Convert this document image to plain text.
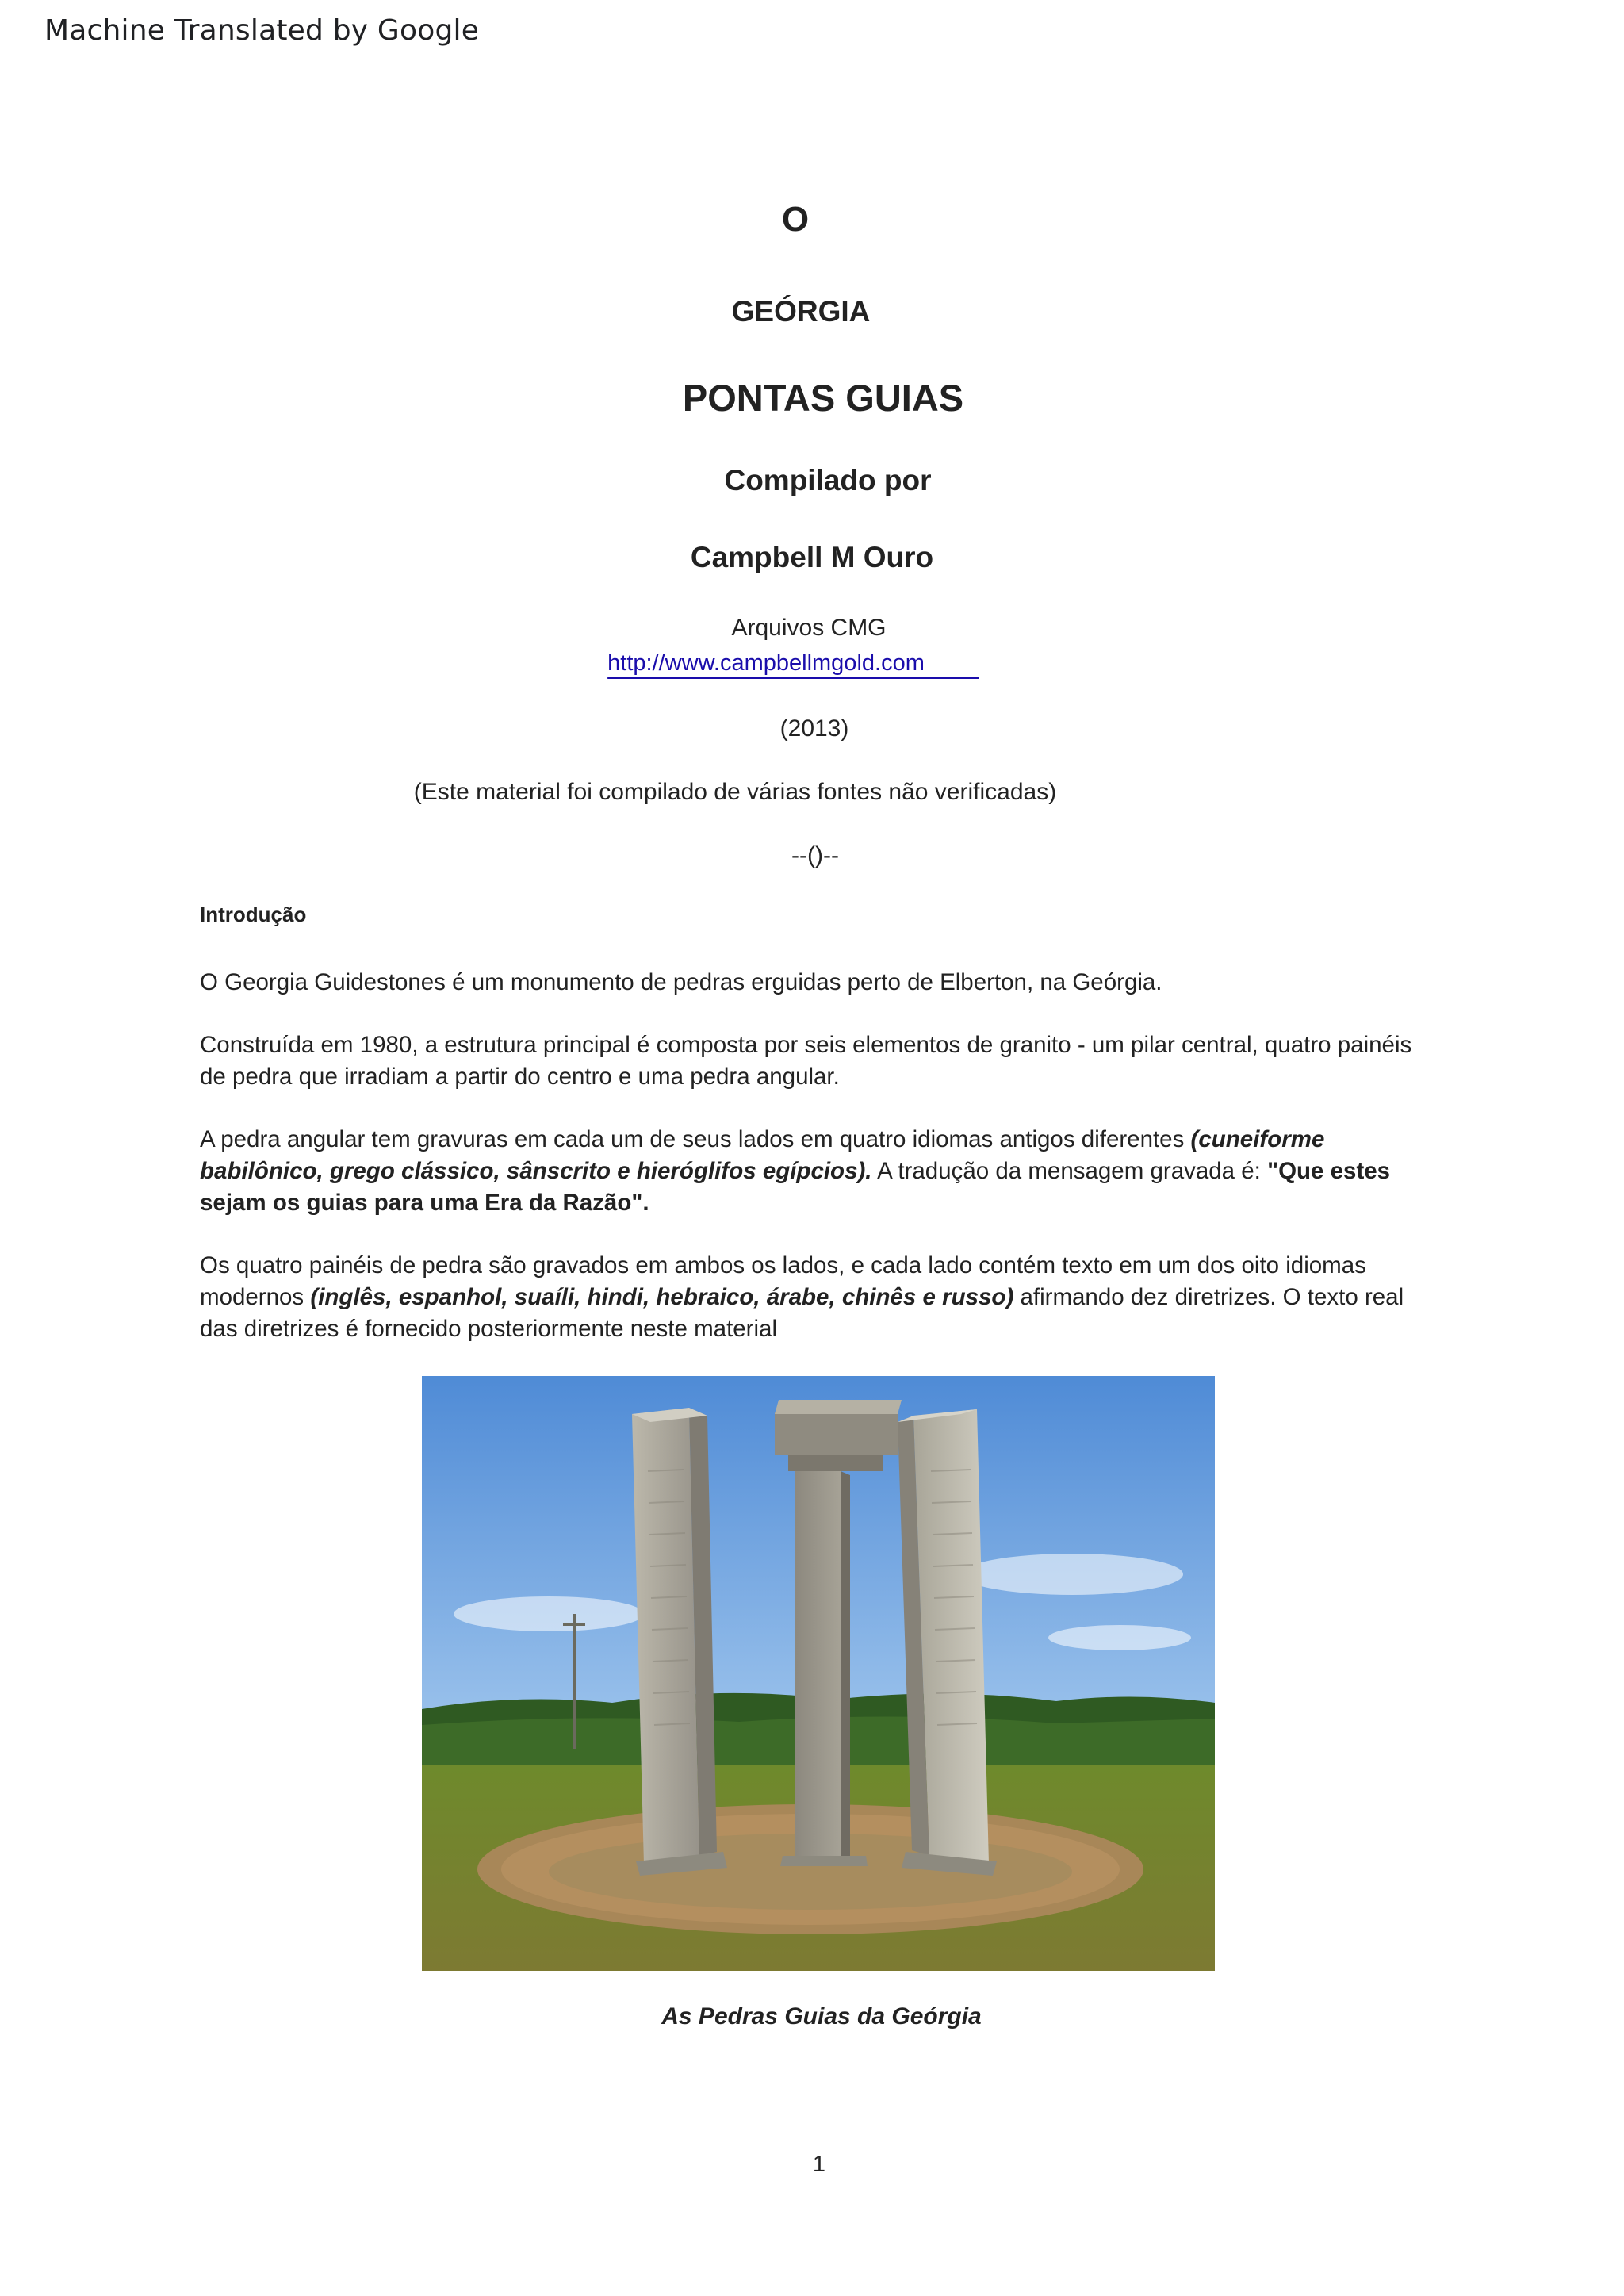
Machine Translated by Google
O
GEÓRGIA
PONTAS GUIAS
Compilado por
Campbell M Ouro
Arquivos CMG
http://www.campbellmgold.com
(2013)
(Este material foi compilado de várias fontes não verificadas)
--()--
Introdução
O Georgia Guidestones é um monumento de pedras erguidas perto de Elberton, na Geórgia.
Construída em 1980, a estrutura principal é composta por seis elementos de granito - um pilar central, quatro painéis de pedra que irradiam a partir do centro e uma pedra angular.
A pedra angular tem gravuras em cada um de seus lados em quatro idiomas antigos diferentes (cuneiforme babilônico, grego clássico, sânscrito e hieróglifos egípcios). A tradução da mensagem gravada é: "Que estes sejam os guias para uma Era da Razão".
Os quatro painéis de pedra são gravados em ambos os lados, e cada lado contém texto em um dos oito idiomas modernos (inglês, espanhol, suaíli, hindi, hebraico, árabe, chinês e russo) afirmando dez diretrizes. O texto real das diretrizes é fornecido posteriormente neste material
As Pedras Guias da Geórgia
1
